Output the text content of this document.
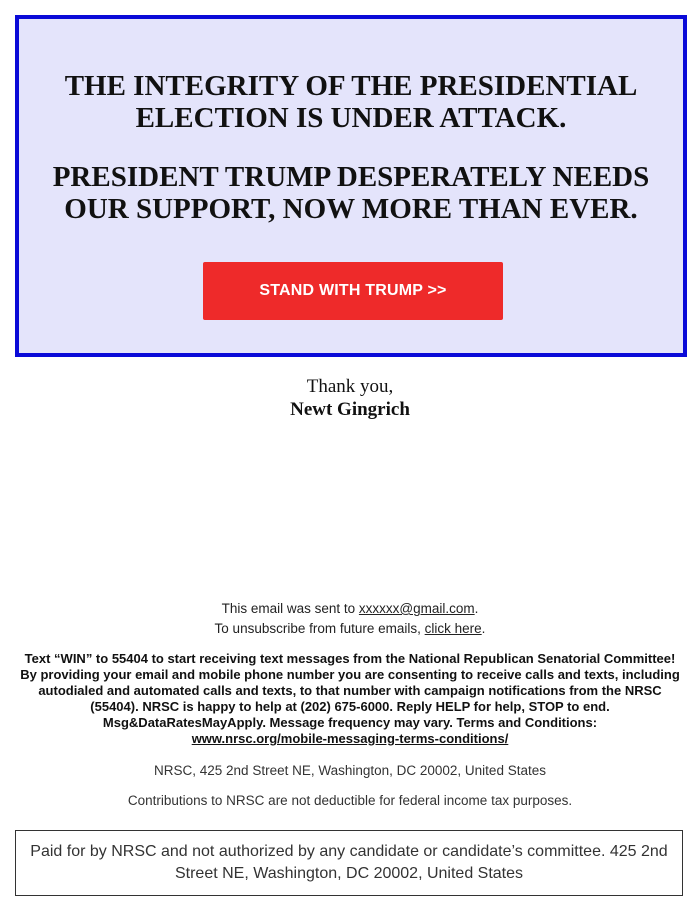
THE INTEGRITY OF THE PRESIDENTIAL ELECTION IS UNDER ATTACK.

PRESIDENT TRUMP DESPERATELY NEEDS OUR SUPPORT, NOW MORE THAN EVER.

STAND WITH TRUMP >>
Thank you,
Newt Gingrich
This email was sent to xxxxxx@gmail.com.
To unsubscribe from future emails, click here.
Text “WIN” to 55404 to start receiving text messages from the National Republican Senatorial Committee! By providing your email and mobile phone number you are consenting to receive calls and texts, including autodialed and automated calls and texts, to that number with campaign notifications from the NRSC (55404). NRSC is happy to help at (202) 675-6000. Reply HELP for help, STOP to end. Msg&DataRatesMayApply. Message frequency may vary. Terms and Conditions:
www.nrsc.org/mobile-messaging-terms-conditions/
NRSC, 425 2nd Street NE, Washington, DC 20002, United States
Contributions to NRSC are not deductible for federal income tax purposes.
Paid for by NRSC and not authorized by any candidate or candidate’s committee. 425 2nd Street NE, Washington, DC 20002, United States
